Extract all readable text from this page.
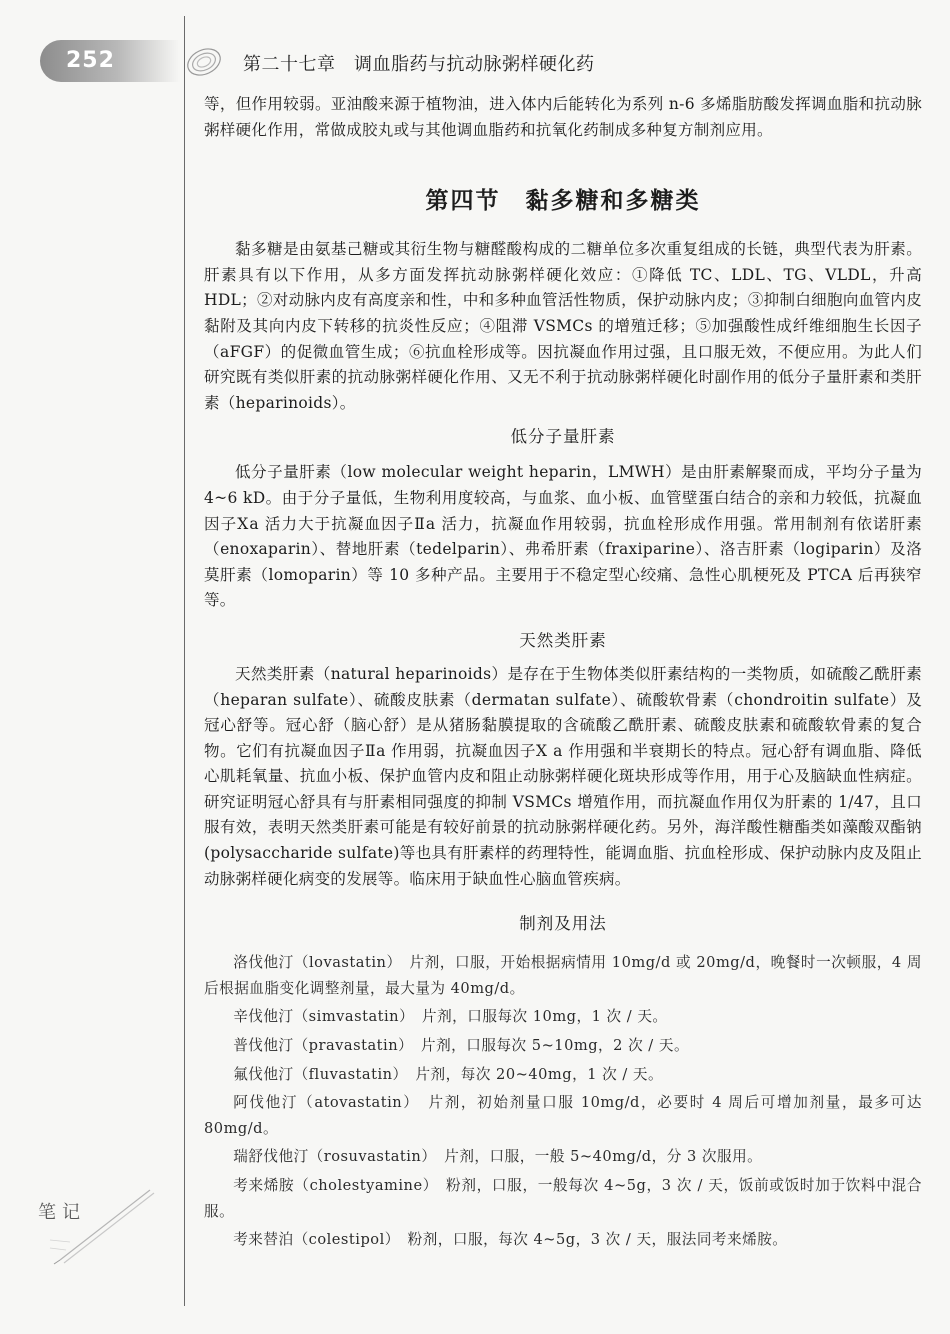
252	第二十七章　调血脂药与抗动脉粥样硬化药

等，但作用较弱。亚油酸来源于植物油，进入体内后能转化为系列 n-6 多烯脂肪酸发挥调血脂和抗动脉粥样硬化作用，常做成胶丸或与其他调血脂药和抗氧化药制成多种复方制剂应用。

第四节　黏多糖和多糖类

黏多糖是由氨基己糖或其衍生物与糖醛酸构成的二糖单位多次重复组成的长链，典型代表为肝素。肝素具有以下作用，从多方面发挥抗动脉粥样硬化效应：①降低 TC、LDL、TG、VLDL，升高 HDL；②对动脉内皮有高度亲和性，中和多种血管活性物质，保护动脉内皮；③抑制白细胞向血管内皮黏附及其向内皮下转移的抗炎性反应；④阻滞 VSMCs 的增殖迁移；⑤加强酸性成纤维细胞生长因子（aFGF）的促微血管生成；⑥抗血栓形成等。因抗凝血作用过强，且口服无效，不便应用。为此人们研究既有类似肝素的抗动脉粥样硬化作用、又无不利于抗动脉粥样硬化时副作用的低分子量肝素和类肝素（heparinoids）。

低分子量肝素

低分子量肝素（low molecular weight heparin，LMWH）是由肝素解聚而成，平均分子量为 4~6 kD。由于分子量低，生物利用度较高，与血浆、血小板、血管壁蛋白结合的亲和力较低，抗凝血因子Ⅹa 活力大于抗凝血因子Ⅱa 活力，抗凝血作用较弱，抗血栓形成作用强。常用制剂有依诺肝素（enoxaparin）、替地肝素（tedelparin）、弗希肝素（fraxiparine）、洛吉肝素（logiparin）及洛莫肝素（lomoparin）等 10 多种产品。主要用于不稳定型心绞痛、急性心肌梗死及 PTCA 后再狭窄等。

天然类肝素

天然类肝素（natural heparinoids）是存在于生物体类似肝素结构的一类物质，如硫酸乙酰肝素（heparan sulfate）、硫酸皮肤素（dermatan sulfate）、硫酸软骨素（chondroitin sulfate）及冠心舒等。冠心舒（脑心舒）是从猪肠黏膜提取的含硫酸乙酰肝素、硫酸皮肤素和硫酸软骨素的复合物。它们有抗凝血因子Ⅱa 作用弱，抗凝血因子Ⅹ a 作用强和半衰期长的特点。冠心舒有调血脂、降低心肌耗氧量、抗血小板、保护血管内皮和阻止动脉粥样硬化斑块形成等作用，用于心及脑缺血性病症。研究证明冠心舒具有与肝素相同强度的抑制 VSMCs 增殖作用，而抗凝血作用仅为肝素的 1/47，且口服有效，表明天然类肝素可能是有较好前景的抗动脉粥样硬化药。另外，海洋酸性糖酯类如藻酸双酯钠(polysaccharide sulfate)等也具有肝素样的药理特性，能调血脂、抗血栓形成、保护动脉内皮及阻止动脉粥样硬化病变的发展等。临床用于缺血性心脑血管疾病。

制剂及用法

洛伐他汀（lovastatin）　片剂，口服，开始根据病情用 10mg/d 或 20mg/d，晚餐时一次顿服，4 周后根据血脂变化调整剂量，最大量为 40mg/d。

辛伐他汀（simvastatin）　片剂，口服每次 10mg，1 次 / 天。

普伐他汀（pravastatin）　片剂，口服每次 5~10mg，2 次 / 天。

氟伐他汀（fluvastatin）　片剂，每次 20~40mg，1 次 / 天。

阿伐他汀（atovastatin）　片剂，初始剂量口服 10mg/d，必要时 4 周后可增加剂量，最多可达 80mg/d。

瑞舒伐他汀（rosuvastatin）　片剂，口服，一般 5~40mg/d，分 3 次服用。

考来烯胺（cholestyamine）　粉剂，口服，一般每次 4~5g，3 次 / 天，饭前或饭时加于饮料中混合服。

考来替泊（colestipol）　粉剂，口服，每次 4~5g，3 次 / 天，服法同考来烯胺。

笔记
